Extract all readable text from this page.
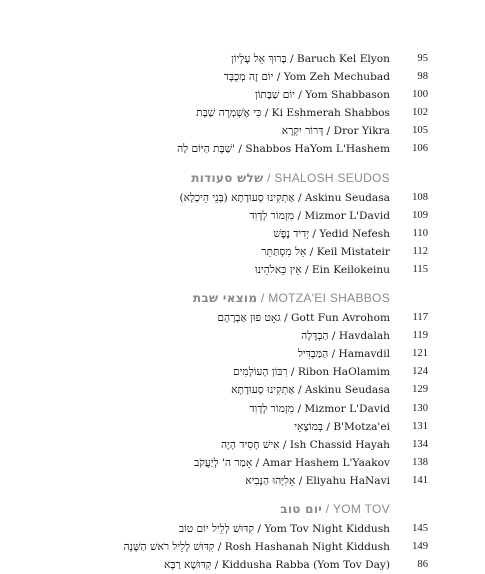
בָּרוּךְ אֵל עֶלְיוֹן / Baruch Kel Elyon	95
יוֹם זֶה מְכֻבָּד / Yom Zeh Mechubad	98
יוֹם שַׁבָּתוֹן / Yom Shabbason 100
כִּי אֶשְׁמְרָה שַׁבָּת / Ki Eshmerah Shabbos 102
דְּרוֹר יִקְרָא / Dror Yikra 105
שַׁבָּת הַיּוֹם לַה' / Shabbos HaYom L'Hashem 106
שלש סעודות / SHALOSH SEUDOS
אַתְקִינוּ סְעוּדָתָא (בְּנֵי הֵיכְלָא) / Askinu Seudasa 108
מִזְמוֹר לְדָוִד / Mizmor L'David 109
יְדִיד נֶפֶשׁ / Yedid Nefesh 110
אֵל מִסְתַּתֵּר / Keil Mistateir 112
אֵין כֵּאלֹהֵינוּ / Ein Keilokeinu 115
מוצאי שבת / MOTZA'EI SHABBOS
גאָט פוּן אַבְרָהָם / Gott Fun Avrohom 117
הַבְדָּלָה / Havdalah 119
הַמַּבְדִּיל / Hamavdil 121
רִבּוֹן הָעוֹלָמִים / Ribon HaOlamim 124
אַתְקִינוּ סְעוּדָתָא / Askinu Seudasa 129
מִזְמוֹר לְדָוִד / Mizmor L'David 130
בְּמוֹצָאֵי / B'Motza'ei 131
אִישׁ חָסִיד הָיָה / Ish Chassid Hayah 134
אָמַר ה' לְיַעֲקֹב / Amar Hashem L'Yaakov 138
אֵלִיָּהוּ הַנָּבִיא / Eliyahu HaNavi 141
יום טוב / YOM TOV
קִדּוּשׁ לְלֵיל יוֹם טוֹב / Yom Tov Night Kiddush 145
קִדּוּשׁ לְלֵיל רֹאשׁ הַשָּׁנָה / Rosh Hashanah Night Kiddush 149
קִדּוּשָׁא רַבָּא / Kiddusha Rabba (Yom Tov Day)	86
